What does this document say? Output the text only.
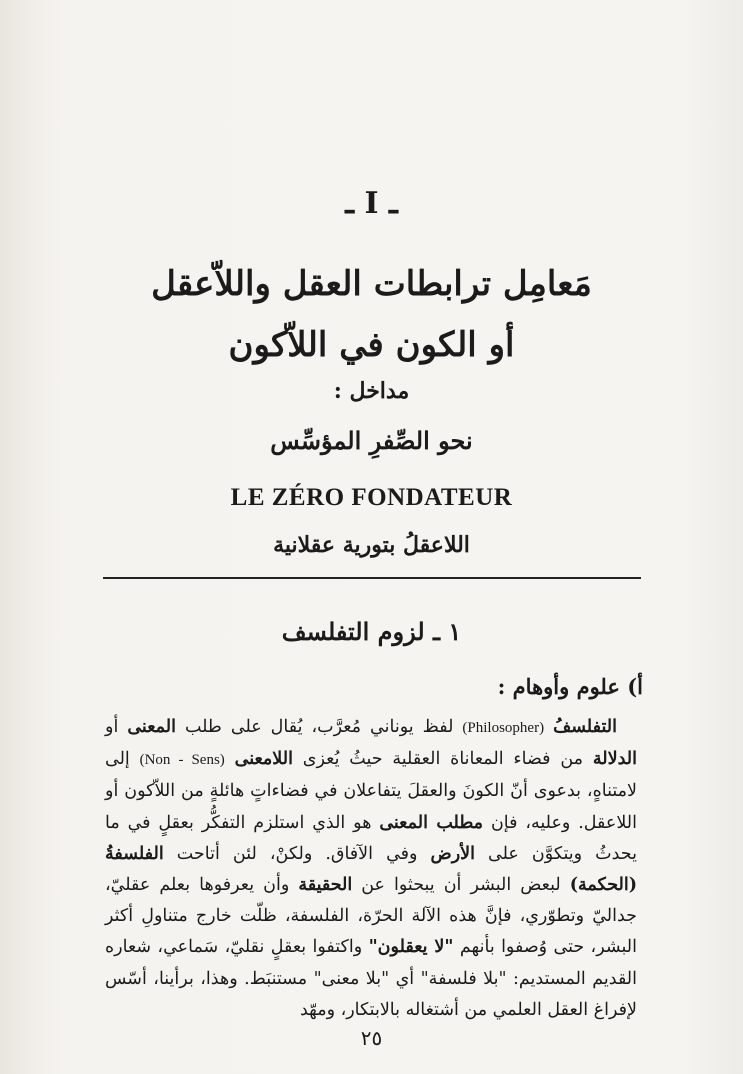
ـ I ـ
مَعامِل ترابطات العقل واللاّعقل
أو الكون في اللاّكون
مداخل :
نحو الصِّفرِ المؤسِّس
LE ZÉRO FONDATEUR
اللاعقلُ بتورية عقلانية
١ ـ لزوم التفلسف
أ) علوم وأوهام :

التفلسفُ (Philosopher) لفظ يوناني مُعرَّب، يُقال على طلب المعنى أو الدلالة من فضاء المعاناة العقلية حيثُ يُعزى اللامعنى (Non - Sens) إلى لامتناهٍ، بدعوى أنّ الكونَ والعقلَ يتفاعلان في فضاءاتٍ هائلةٍ من اللاّكون أو اللاعقل. وعليه، فإن مطلب المعنى هو الذي استلزم التفكُّر بعقلٍ في ما يحدثُ ويتكوَّن على الأرض وفي الآفاق. ولكنْ، لئن أتاحت الفلسفةُ (الحكمة) لبعض البشر أن يبحثوا عن الحقيقة وأن يعرفوها بعلم عقليّ، جداليّ وتطوّري، فإنَّ هذه الآلة الحرّة، الفلسفة، ظلّت خارج متناولِ أكثر البشر، حتى وُصفوا بأنهم "لا يعقلون" واكتفوا بعقلٍ نقليّ، سَماعي، شعاره القديم المستديم: "بلا فلسفة" أي "بلا معنى" مستنبَط. وهذا، برأينا، أسّس لإفراغ العقل العلمي من أشتغاله بالابتكار، ومهّد

٢٥
